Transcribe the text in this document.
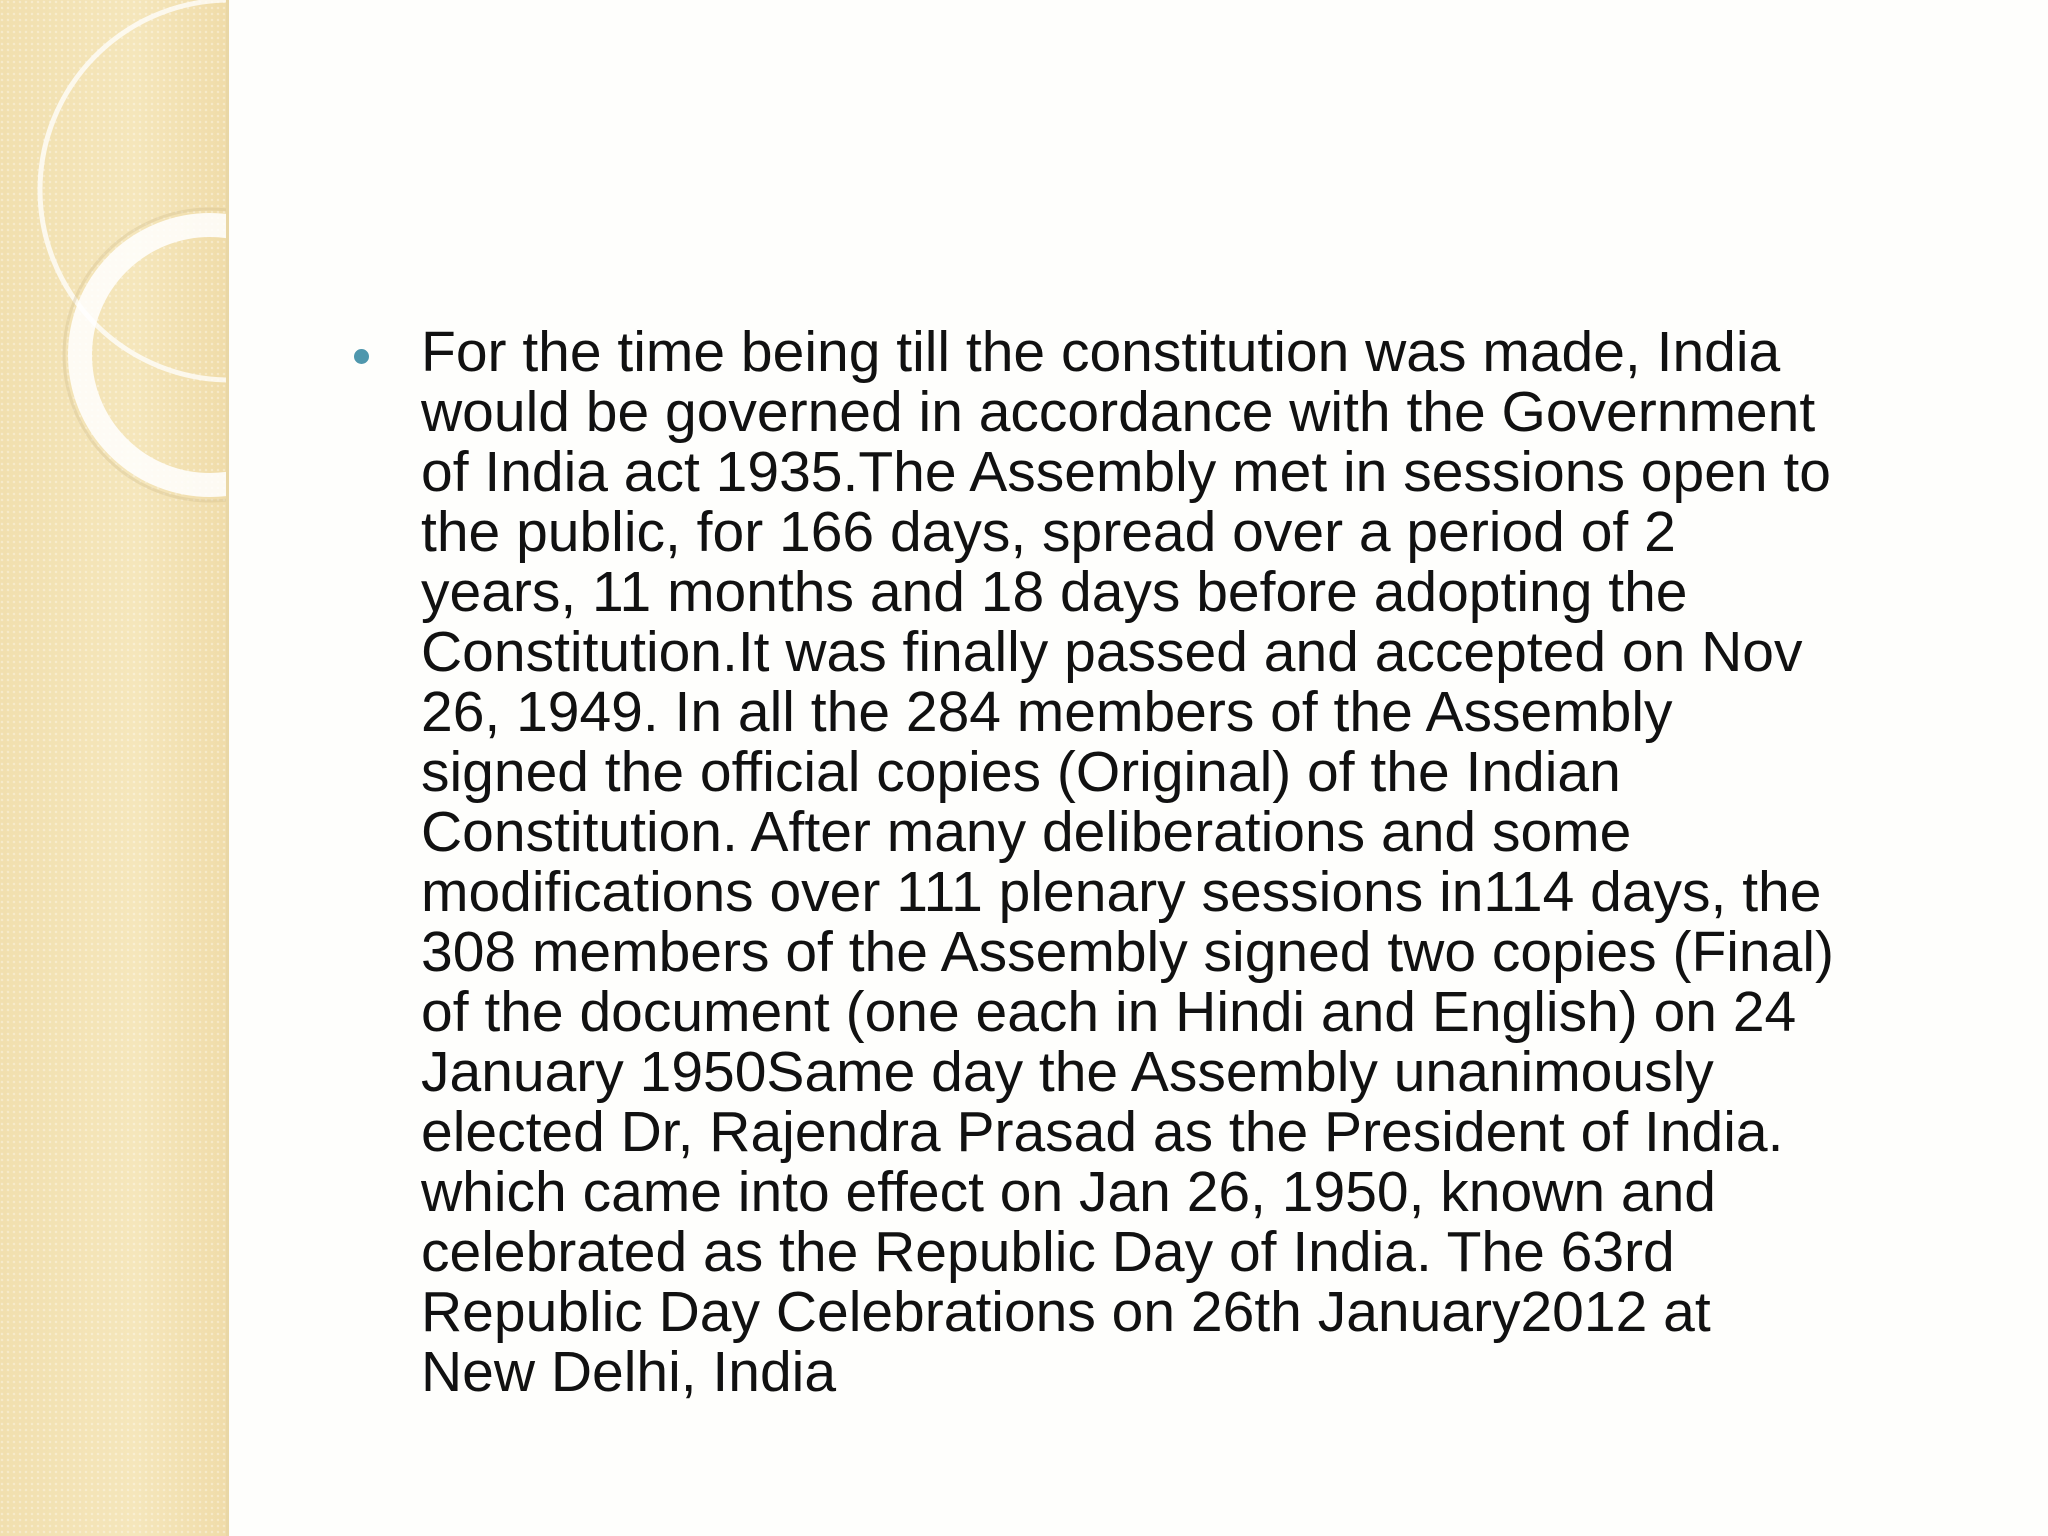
For the time being till the constitution was made, India
would be governed in accordance with the Government
of India act 1935.The Assembly met in sessions open to
the public, for 166 days, spread over a period of 2
years, 11 months and 18 days before adopting the
Constitution.It was finally passed and accepted on Nov
26, 1949. In all the 284 members of the Assembly
signed the official copies (Original) of the Indian
Constitution. After many deliberations and some
modifications over 111 plenary sessions in114 days, the
308 members of the Assembly signed two copies (Final)
of the document (one each in Hindi and English) on 24
January 1950Same day the Assembly unanimously
elected Dr, Rajendra Prasad as the President of India.
which came into effect on Jan 26, 1950, known and
celebrated as the Republic Day of India. The 63rd
Republic Day Celebrations on 26th January2012 at
New Delhi, India
